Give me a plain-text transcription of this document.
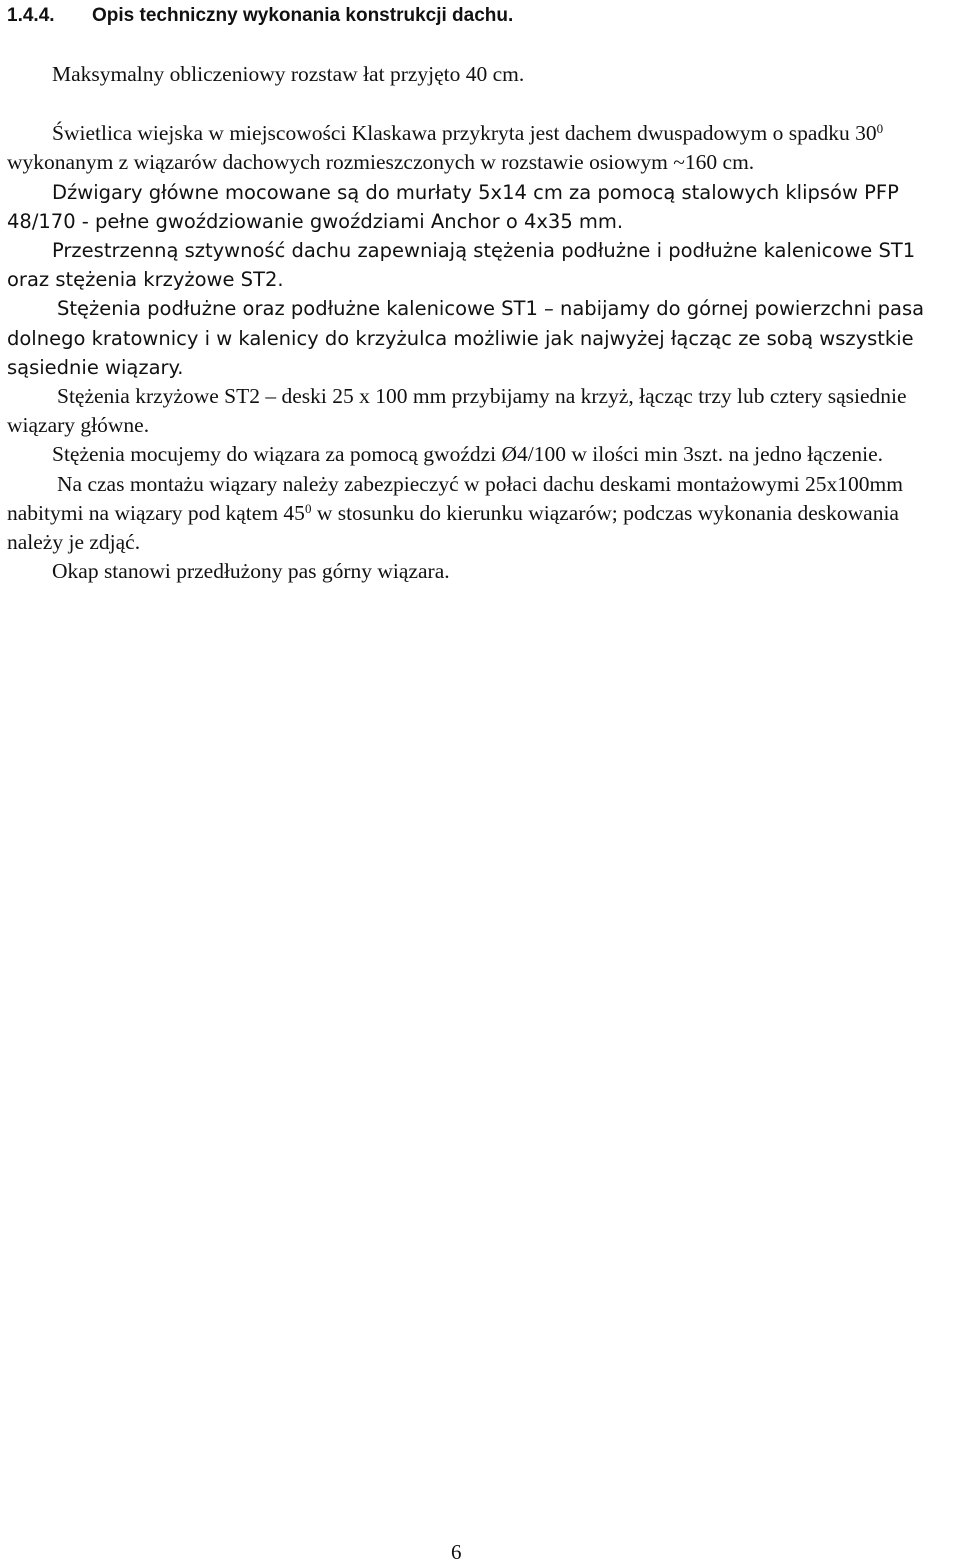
1.4.4. Opis techniczny wykonania konstrukcji dachu.

Maksymalny obliczeniowy rozstaw łat przyjęto 40 cm.

Świetlica wiejska w miejscowości Klaskawa przykryta jest dachem dwuspadowym o spadku $30^0$ wykonanym z wiązarów dachowych rozmieszczonych w rozstawie osiowym ~160 cm.

Dźwigary główne mocowane są do murłaty 5x14 cm za pomocą stalowych klipsów PFP 48/170 - pełne gwoździowanie gwoździami Anchor o 4x35 mm.

Przestrzenną sztywność dachu zapewniają stężenia podłużne i podłużne kalenicowe ST1 oraz stężenia krzyżowe ST2.

Stężenia podłużne oraz podłużne kalenicowe ST1 – nabijamy do górnej powierzchni pasa dolnego kratownicy i w kalenicy do krzyżulca możliwie jak najwyżej łącząc ze sobą wszystkie sąsiednie wiązary.

Stężenia krzyżowe ST2 – deski 25 x 100 mm przybijamy na krzyż, łącząc trzy lub cztery sąsiednie wiązary główne.

Stężenia mocujemy do wiązara za pomocą gwoździ Ø4/100 w ilości min 3szt. na jedno łączenie.

Na czas montażu wiązary należy zabezpieczyć w połaci dachu deskami montażowymi 25x100mm nabitymi na wiązary pod kątem $45^0$ w stosunku do kierunku wiązarów; podczas wykonania deskowania należy je zdjąć.

Okap stanowi przedłużony pas górny wiązara.

6
